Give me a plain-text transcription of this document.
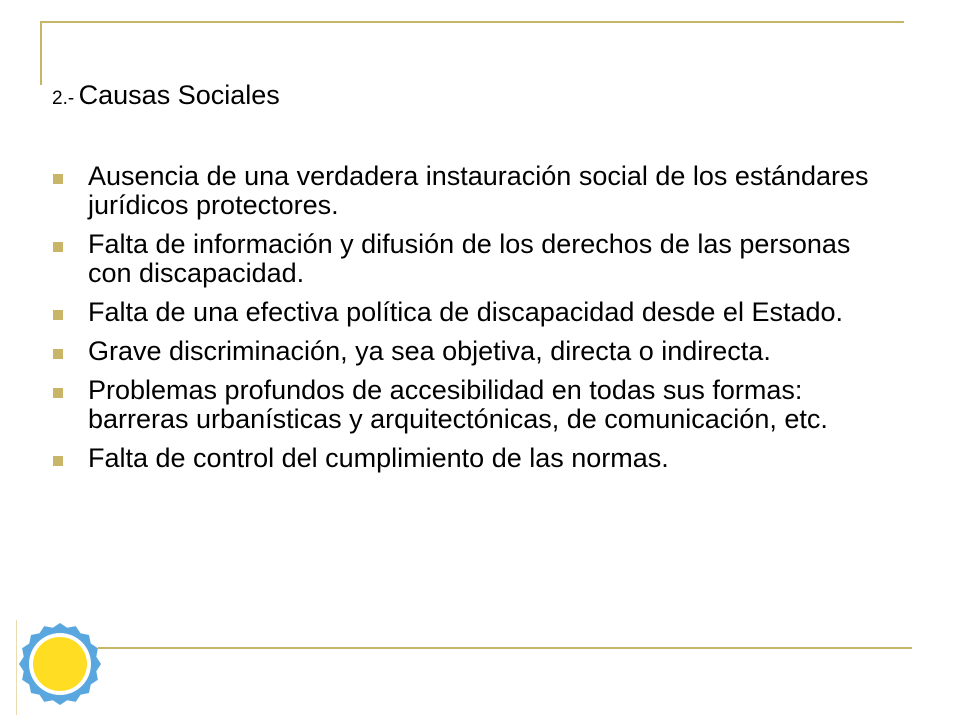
2.- Causas Sociales
Ausencia de una verdadera instauración social de los estándares jurídicos protectores.
Falta de información y difusión de los derechos de las personas con discapacidad.
Falta de una efectiva política de discapacidad desde el Estado.
Grave discriminación, ya sea objetiva, directa o indirecta.
Problemas profundos de accesibilidad en todas sus formas: barreras urbanísticas y arquitectónicas, de comunicación, etc.
Falta de control del cumplimiento de las normas.
